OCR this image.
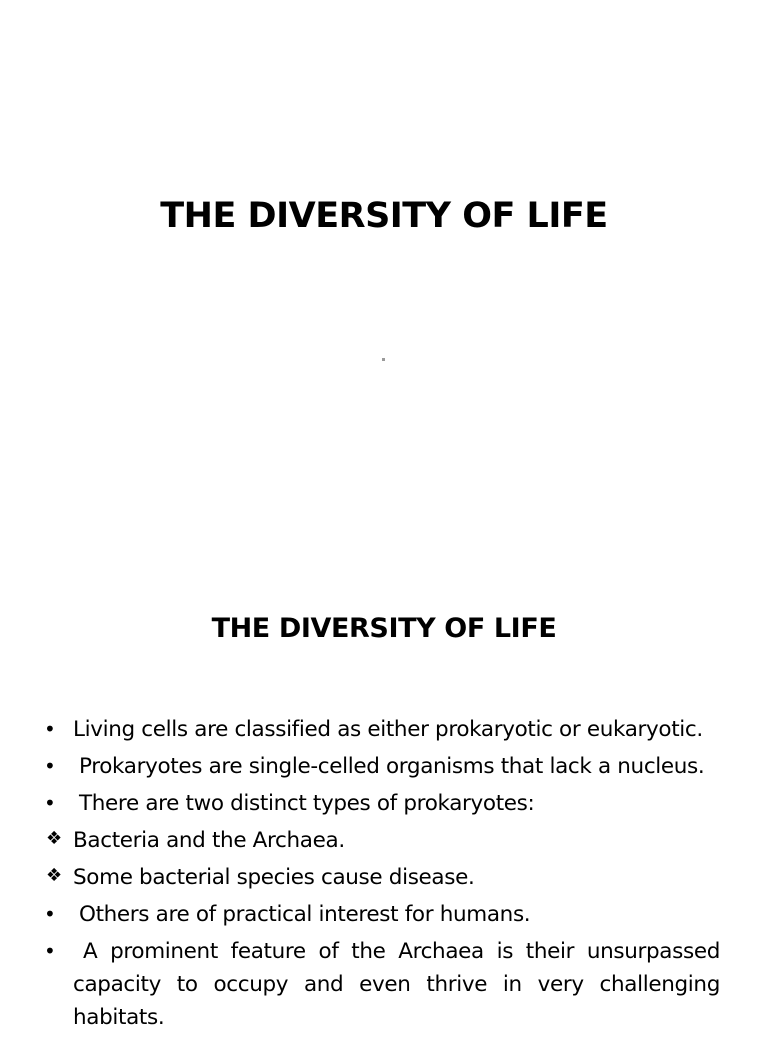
THE DIVERSITY OF LIFE
THE DIVERSITY OF LIFE
• Living cells are classified as either prokaryotic or eukaryotic.
•	Prokaryotes are single-celled organisms that lack a nucleus.
•	There are two distinct types of prokaryotes:
❖ Bacteria and the Archaea.
❖ Some bacterial species cause disease.
•	Others are of practical interest for humans.
•	A prominent feature of the Archaea is their unsurpassed capacity to occupy and even thrive in very challenging habitats.
